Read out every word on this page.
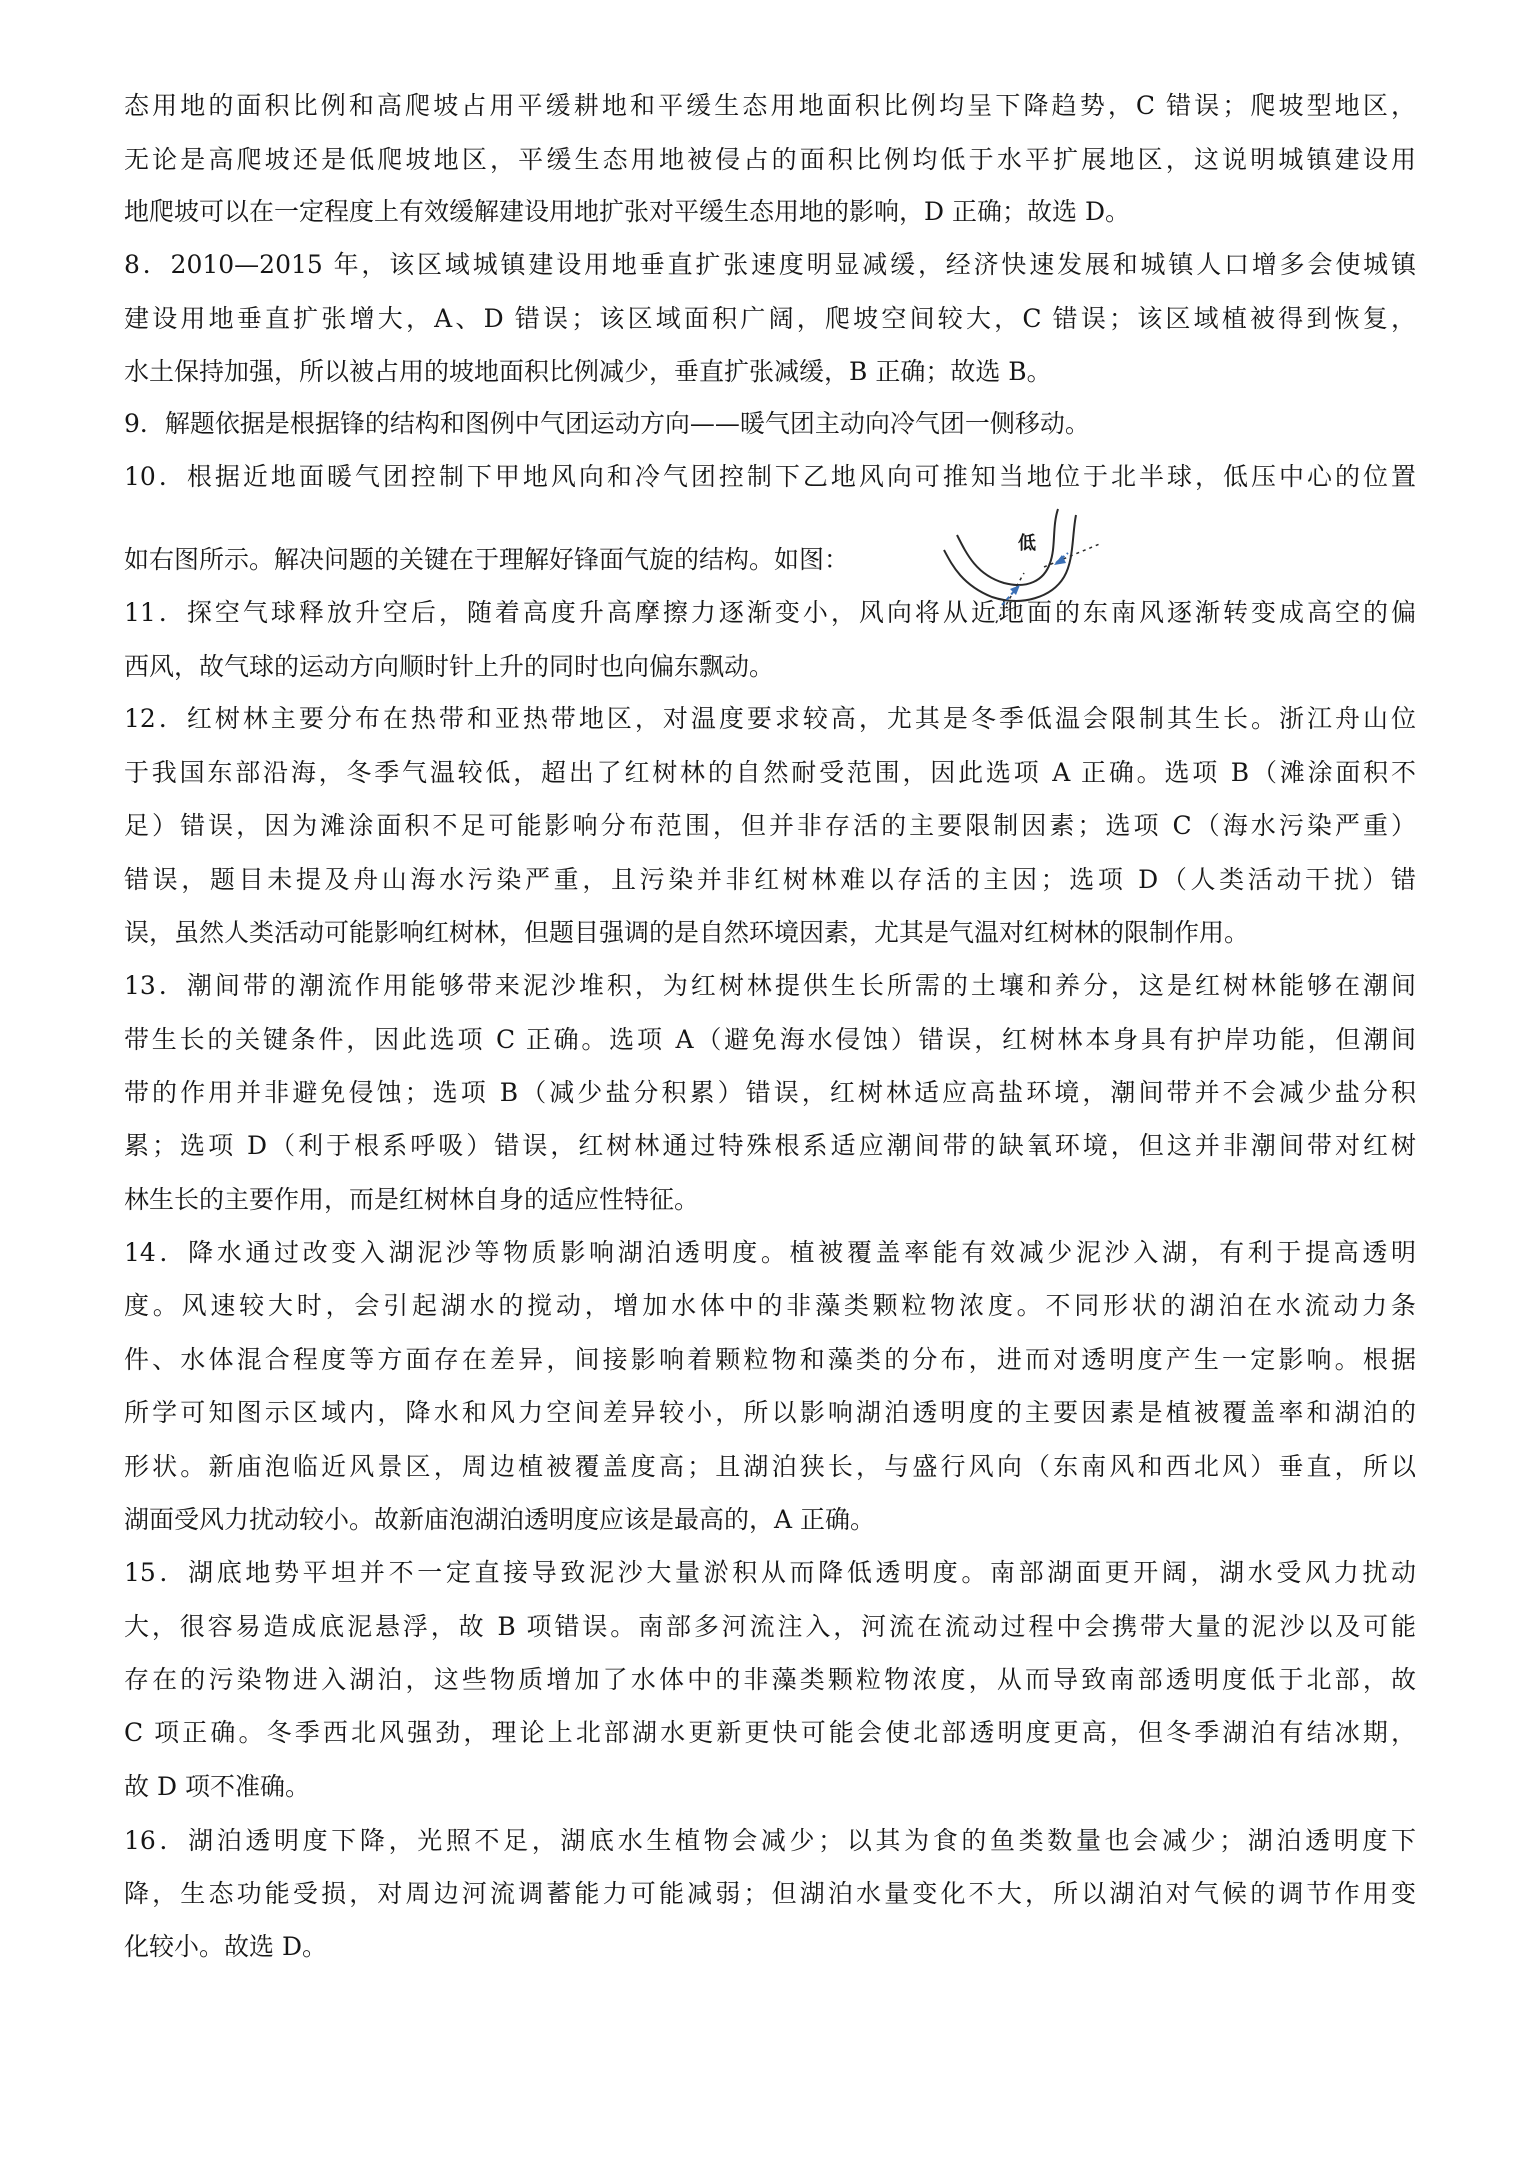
态用地的面积比例和高爬坡占用平缓耕地和平缓生态用地面积比例均呈下降趋势，C 错误；爬坡型地区，
无论是高爬坡还是低爬坡地区，平缓生态用地被侵占的面积比例均低于水平扩展地区，这说明城镇建设用
地爬坡可以在一定程度上有效缓解建设用地扩张对平缓生态用地的影响，D 正确；故选 D。
8．2010—2015 年，该区域城镇建设用地垂直扩张速度明显减缓，经济快速发展和城镇人口增多会使城镇
建设用地垂直扩张增大，A、D 错误；该区域面积广阔，爬坡空间较大，C 错误；该区域植被得到恢复，
水土保持加强，所以被占用的坡地面积比例减少，垂直扩张减缓，B 正确；故选 B。
9．解题依据是根据锋的结构和图例中气团运动方向——暖气团主动向冷气团一侧移动。
10．根据近地面暖气团控制下甲地风向和冷气团控制下乙地风向可推知当地位于北半球，低压中心的位置
如右图所示。解决问题的关键在于理解好锋面气旋的结构。如图：
11．探空气球释放升空后，随着高度升高摩擦力逐渐变小，风向将从近地面的东南风逐渐转变成高空的偏
西风，故气球的运动方向顺时针上升的同时也向偏东飘动。
12．红树林主要分布在热带和亚热带地区，对温度要求较高，尤其是冬季低温会限制其生长。浙江舟山位
于我国东部沿海，冬季气温较低，超出了红树林的自然耐受范围，因此选项 A 正确。选项 B（滩涂面积不
足）错误，因为滩涂面积不足可能影响分布范围，但并非存活的主要限制因素；选项 C（海水污染严重）
错误，题目未提及舟山海水污染严重，且污染并非红树林难以存活的主因；选项 D（人类活动干扰）错
误，虽然人类活动可能影响红树林，但题目强调的是自然环境因素，尤其是气温对红树林的限制作用。
13．潮间带的潮流作用能够带来泥沙堆积，为红树林提供生长所需的土壤和养分，这是红树林能够在潮间
带生长的关键条件，因此选项 C 正确。选项 A（避免海水侵蚀）错误，红树林本身具有护岸功能，但潮间
带的作用并非避免侵蚀；选项 B（减少盐分积累）错误，红树林适应高盐环境，潮间带并不会减少盐分积
累；选项 D（利于根系呼吸）错误，红树林通过特殊根系适应潮间带的缺氧环境，但这并非潮间带对红树
林生长的主要作用，而是红树林自身的适应性特征。
14．降水通过改变入湖泥沙等物质影响湖泊透明度。植被覆盖率能有效减少泥沙入湖，有利于提高透明
度。风速较大时，会引起湖水的搅动，增加水体中的非藻类颗粒物浓度。不同形状的湖泊在水流动力条
件、水体混合程度等方面存在差异，间接影响着颗粒物和藻类的分布，进而对透明度产生一定影响。根据
所学可知图示区域内，降水和风力空间差异较小，所以影响湖泊透明度的主要因素是植被覆盖率和湖泊的
形状。新庙泡临近风景区，周边植被覆盖度高；且湖泊狭长，与盛行风向（东南风和西北风）垂直，所以
湖面受风力扰动较小。故新庙泡湖泊透明度应该是最高的，A 正确。
15．湖底地势平坦并不一定直接导致泥沙大量淤积从而降低透明度。南部湖面更开阔，湖水受风力扰动
大，很容易造成底泥悬浮，故 B 项错误。南部多河流注入，河流在流动过程中会携带大量的泥沙以及可能
存在的污染物进入湖泊，这些物质增加了水体中的非藻类颗粒物浓度，从而导致南部透明度低于北部，故
C 项正确。冬季西北风强劲，理论上北部湖水更新更快可能会使北部透明度更高，但冬季湖泊有结冰期，
故 D 项不准确。
16．湖泊透明度下降，光照不足，湖底水生植物会减少；以其为食的鱼类数量也会减少；湖泊透明度下
降，生态功能受损，对周边河流调蓄能力可能减弱；但湖泊水量变化不大，所以湖泊对气候的调节作用变
化较小。故选 D。
低
